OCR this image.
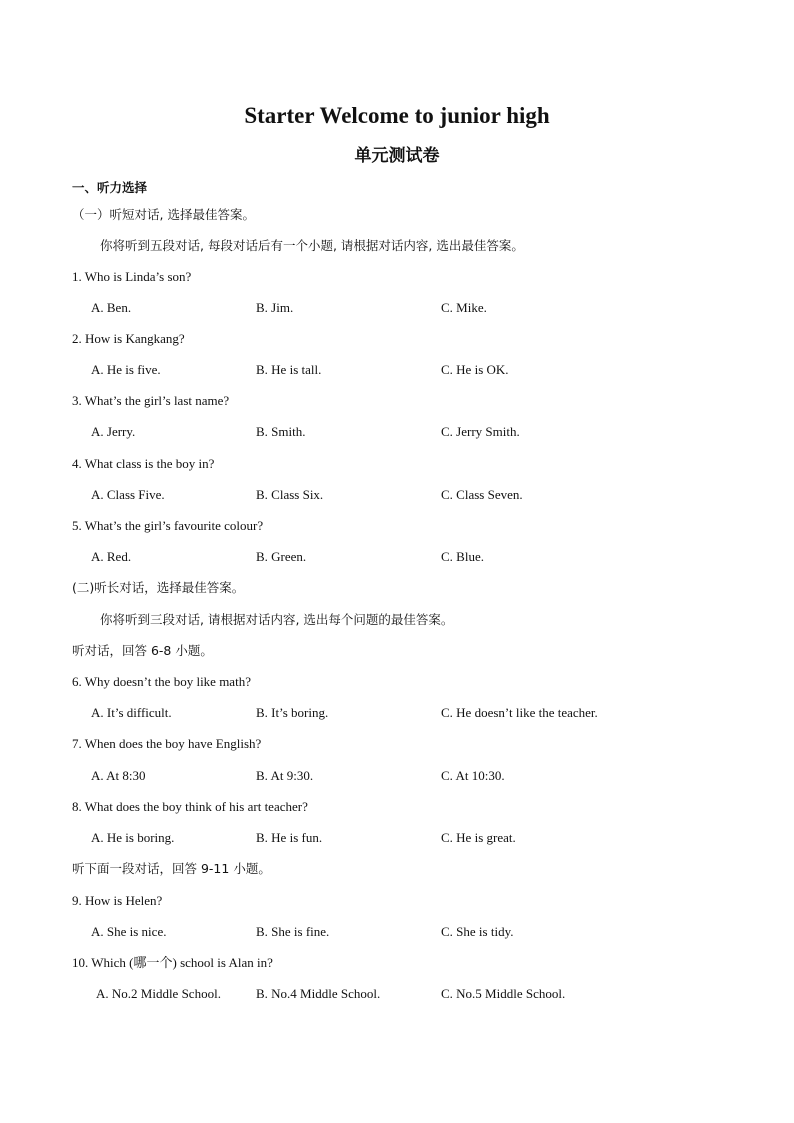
Starter Welcome to junior high
单元测试卷
一、听力选择
（一）听短对话, 选择最佳答案。
你将听到五段对话, 每段对话后有一个小题, 请根据对话内容, 选出最佳答案。
1. Who is Linda’s son?
A. Ben.	B. Jim.	C. Mike.
2. How is Kangkang?
A. He is five.	B. He is tall.	C. He is OK.
3. What’s the girl’s last name?
A. Jerry.	B. Smith.	C. Jerry Smith.
4. What class is the boy in?
A. Class Five.	B. Class Six.	C. Class Seven.
5. What’s the girl’s favourite colour?
A. Red.	B. Green.	C. Blue.
(二)听长对话，选择最佳答案。
你将听到三段对话, 请根据对话内容, 选出每个问题的最佳答案。
听对话，回答 6-8 小题。
6. Why doesn’t the boy like math?
A. It’s difficult.	B. It’s boring.	C. He doesn’t like the teacher.
7. When does the boy have English?
A. At 8:30	B. At 9:30.	C. At 10:30.
8. What does the boy think of his art teacher?
A. He is boring.	B. He is fun.	C. He is great.
听下面一段对话，回答 9-11 小题。
9. How is Helen?
A. She is nice.	B. She is fine.	C. She is tidy.
10. Which (哪一个) school is Alan in?
A. No.2 Middle School.	B. No.4 Middle School.	C. No.5 Middle School.
